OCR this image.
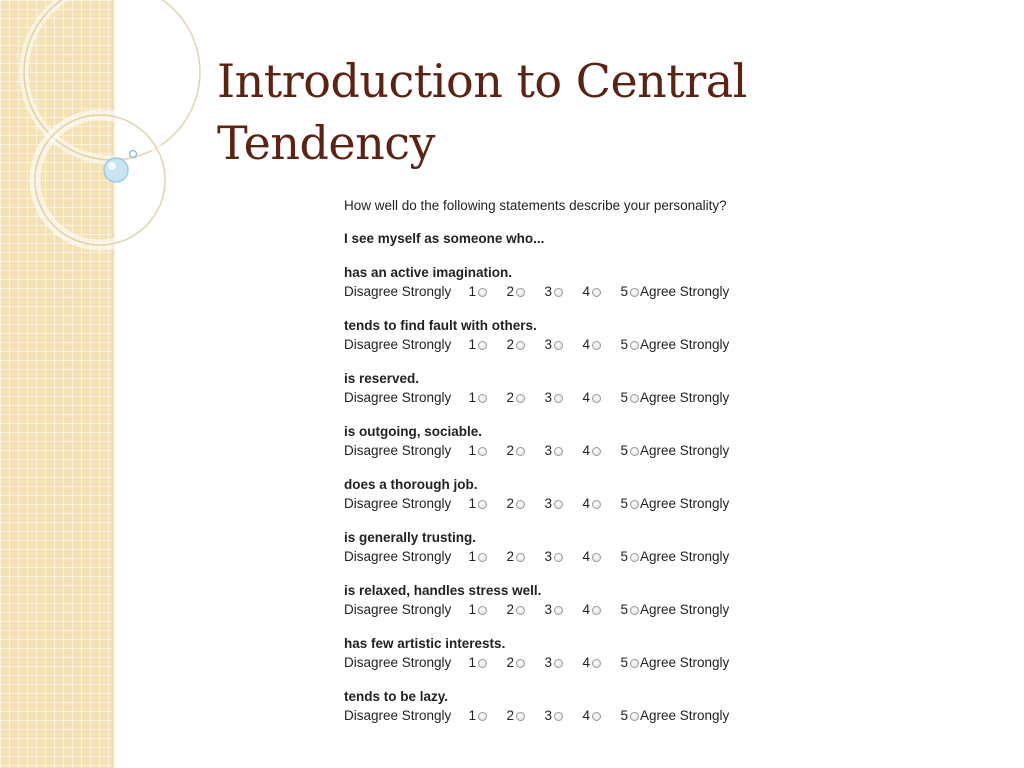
Introduction to Central Tendency
How well do the following statements describe your personality?
I see myself as someone who...
has an active imagination.
Disagree Strongly	1 2 3 4 5 Agree Strongly
tends to find fault with others.
Disagree Strongly	1 2 3 4 5 Agree Strongly
is reserved.
Disagree Strongly	1 2 3 4 5 Agree Strongly
is outgoing, sociable.
Disagree Strongly	1 2 3 4 5 Agree Strongly
does a thorough job.
Disagree Strongly	1 2 3 4 5 Agree Strongly
is generally trusting.
Disagree Strongly	1 2 3 4 5 Agree Strongly
is relaxed, handles stress well.
Disagree Strongly	1 2 3 4 5 Agree Strongly
has few artistic interests.
Disagree Strongly	1 2 3 4 5 Agree Strongly
tends to be lazy.
Disagree Strongly	1 2 3 4 5 Agree Strongly
